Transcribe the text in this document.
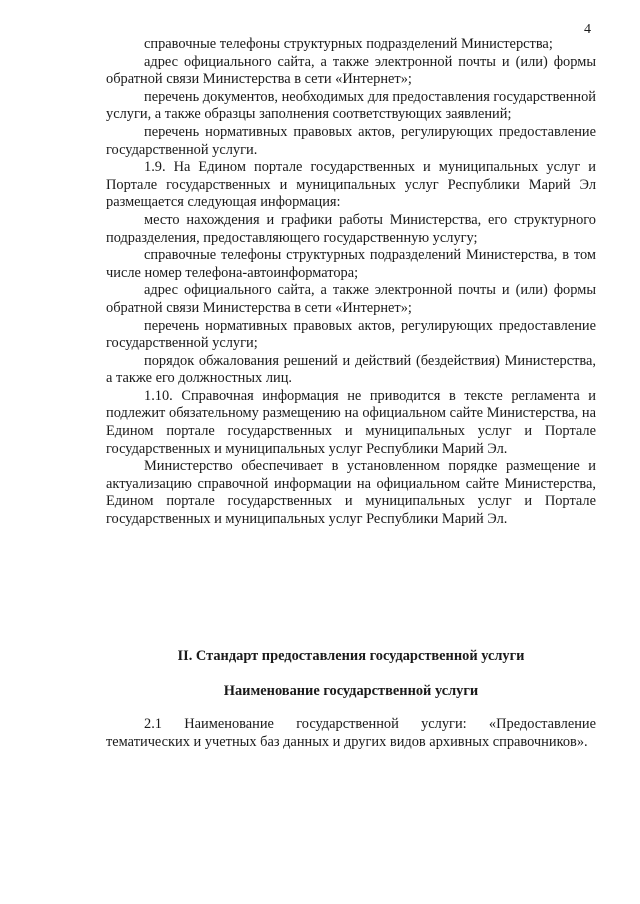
4

справочные телефоны структурных подразделений Министерства;

адрес официального сайта, а также электронной почты и (или) формы обратной связи Министерства в сети «Интернет»;

перечень документов, необходимых для предоставления государственной услуги, а также образцы заполнения соответствующих заявлений;

перечень нормативных правовых актов, регулирующих предоставление государственной услуги.

1.9. На Едином портале государственных и муниципальных услуг и Портале государственных и муниципальных услуг Республики Марий Эл размещается следующая информация:

место нахождения и графики работы Министерства, его структурного подразделения, предоставляющего государственную услугу;

справочные телефоны структурных подразделений Министерства, в том числе номер телефона-автоинформатора;

адрес официального сайта, а также электронной почты и (или) формы обратной связи Министерства в сети «Интернет»;

перечень нормативных правовых актов, регулирующих предоставление государственной услуги;

порядок обжалования решений и действий (бездействия) Министерства, а также его должностных лиц.

1.10. Справочная информация не приводится в тексте регламента и подлежит обязательному размещению на официальном сайте Министерства, на Едином портале государственных и муниципальных услуг и Портале государственных и муниципальных услуг Республики Марий Эл.

Министерство обеспечивает в установленном порядке размещение и актуализацию справочной информации на официальном сайте Министерства, Едином портале государственных и муниципальных услуг и Портале государственных и муниципальных услуг Республики Марий Эл.

II. Стандарт предоставления государственной услуги
Наименование государственной услуги

2.1 Наименование государственной услуги: «Предоставление тематических и учетных баз данных и других видов архивных справочников».
